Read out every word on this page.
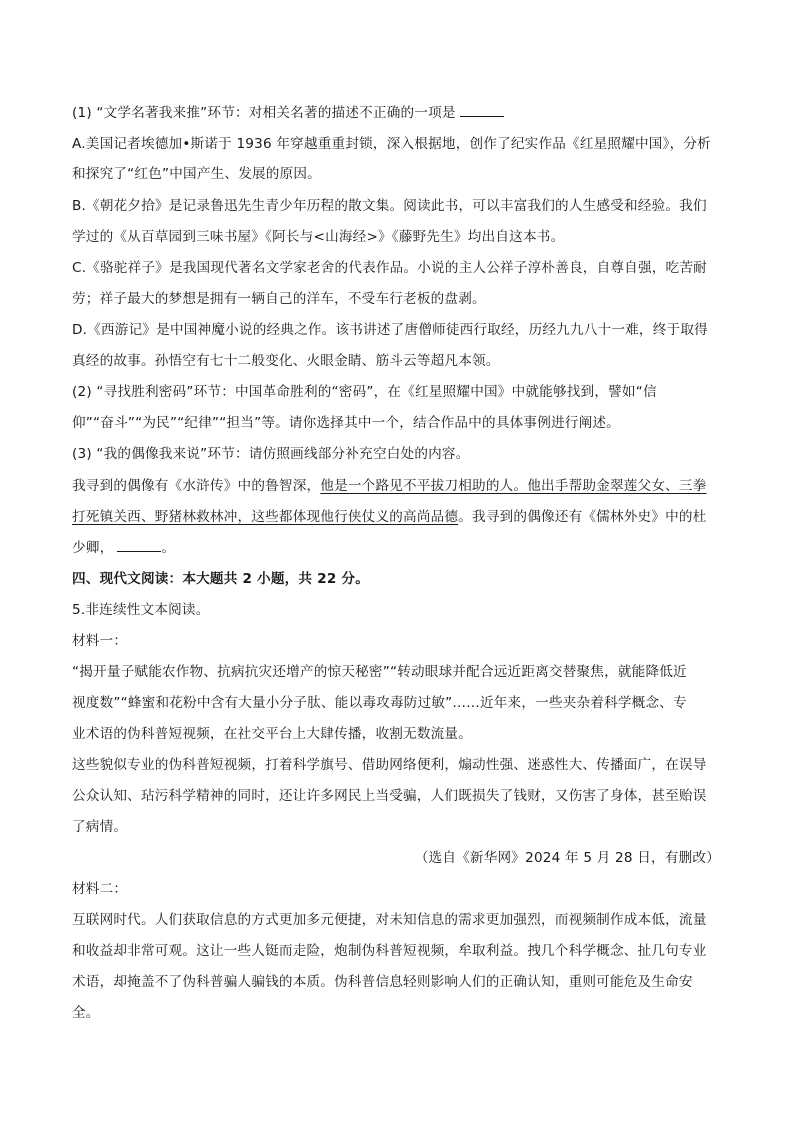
(1) “文学名著我来推”环节：对相关名著的描述不正确的一项是
A.美国记者埃德加•斯诺于 1936 年穿越重重封锁，深入根据地，创作了纪实作品《红星照耀中国》，分析
和探究了“红色”中国产生、发展的原因。
B.《朝花夕拾》是记录鲁迅先生青少年历程的散文集。阅读此书，可以丰富我们的人生感受和经验。我们
学过的《从百草园到三味书屋》《阿长与<山海经>》《藤野先生》均出自这本书。
C.《骆驼祥子》是我国现代著名文学家老舍的代表作品。小说的主人公祥子淳朴善良，自尊自强，吃苦耐
劳；祥子最大的梦想是拥有一辆自己的洋车，不受车行老板的盘剥。
D.《西游记》是中国神魔小说的经典之作。该书讲述了唐僧师徒西行取经，历经九九八十一难，终于取得
真经的故事。孙悟空有七十二般变化、火眼金睛、筋斗云等超凡本领。
(2) “寻找胜利密码”环节：中国革命胜利的“密码”，在《红星照耀中国》中就能够找到，譬如“信
仰”“奋斗”“为民”“纪律”“担当”等。请你选择其中一个，结合作品中的具体事例进行阐述。
(3) “我的偶像我来说”环节：请仿照画线部分补充空白处的内容。
我寻到的偶像有《水浒传》中的鲁智深，他是一个路见不平拔刀相助的人。他出手帮助金翠莲父女、三拳
打死镇关西、野猪林救林冲，这些都体现他行侠仗义的高尚品德。我寻到的偶像还有《儒林外史》中的杜
少卿，	。
四、现代文阅读：本大题共 2 小题，共 22 分。
5.非连续性文本阅读。
材料一：
“揭开量子赋能农作物、抗病抗灾还增产的惊天秘密”“转动眼球并配合远近距离交替聚焦，就能降低近
视度数”“蜂蜜和花粉中含有大量小分子肽、能以毒攻毒防过敏”……近年来，一些夹杂着科学概念、专
业术语的伪科普短视频，在社交平台上大肆传播，收割无数流量。
这些貌似专业的伪科普短视频，打着科学旗号、借助网络便利，煽动性强、迷惑性大、传播面广，在误导
公众认知、玷污科学精神的同时，还让许多网民上当受骗，人们既损失了钱财，又伤害了身体，甚至贻误
了病情。
（选自《新华网》2024 年 5 月 28 日，有删改）
材料二：
互联网时代。人们获取信息的方式更加多元便捷，对未知信息的需求更加强烈，而视频制作成本低，流量
和收益却非常可观。这让一些人铤而走险，炮制伪科普短视频，牟取利益。拽几个科学概念、扯几句专业
术语，却掩盖不了伪科普骗人骗钱的本质。伪科普信息轻则影响人们的正确认知，重则可能危及生命安
全。
